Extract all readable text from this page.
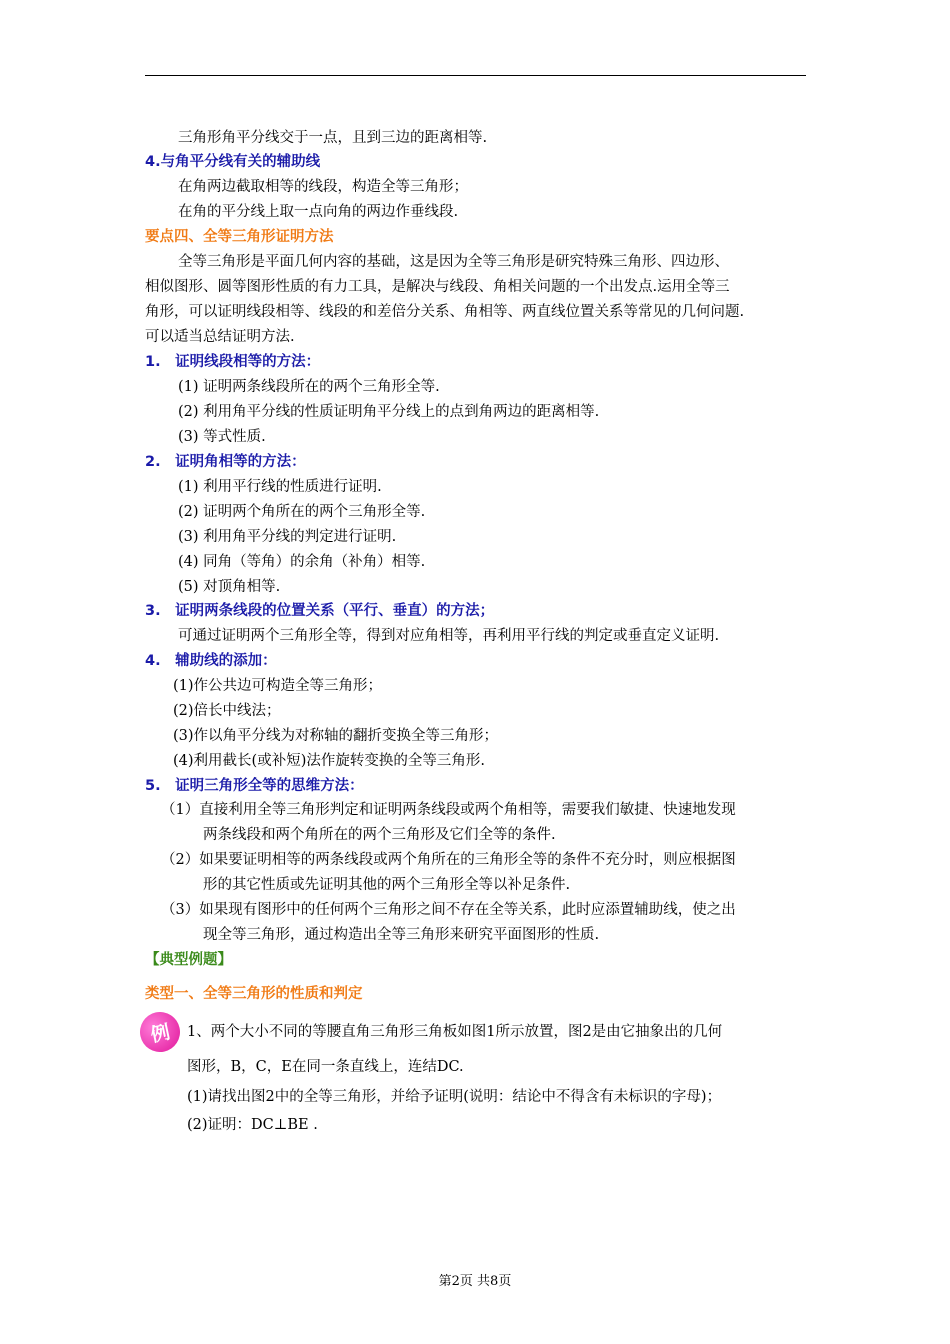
三角形角平分线交于一点，且到三边的距离相等.
4.与角平分线有关的辅助线
在角两边截取相等的线段，构造全等三角形；
在角的平分线上取一点向角的两边作垂线段.
要点四、全等三角形证明方法
全等三角形是平面几何内容的基础，这是因为全等三角形是研究特殊三角形、四边形、
相似图形、圆等图形性质的有力工具，是解决与线段、角相关问题的一个出发点.运用全等三
角形，可以证明线段相等、线段的和差倍分关系、角相等、两直线位置关系等常见的几何问题.
可以适当总结证明方法.
1.　证明线段相等的方法：
(1) 证明两条线段所在的两个三角形全等.
(2) 利用角平分线的性质证明角平分线上的点到角两边的距离相等.
(3) 等式性质.
2.　证明角相等的方法：
(1) 利用平行线的性质进行证明.
(2) 证明两个角所在的两个三角形全等.
(3) 利用角平分线的判定进行证明.
(4) 同角（等角）的余角（补角）相等.
(5) 对顶角相等.
3.　证明两条线段的位置关系（平行、垂直）的方法；
可通过证明两个三角形全等，得到对应角相等，再利用平行线的判定或垂直定义证明.
4.　辅助线的添加：
(1)作公共边可构造全等三角形；
(2)倍长中线法；
(3)作以角平分线为对称轴的翻折变换全等三角形；
(4)利用截长(或补短)法作旋转变换的全等三角形.
5.　证明三角形全等的思维方法：
（1）直接利用全等三角形判定和证明两条线段或两个角相等，需要我们敏捷、快速地发现
两条线段和两个角所在的两个三角形及它们全等的条件.
（2）如果要证明相等的两条线段或两个角所在的三角形全等的条件不充分时，则应根据图
形的其它性质或先证明其他的两个三角形全等以补足条件.
（3）如果现有图形中的任何两个三角形之间不存在全等关系，此时应添置辅助线，使之出
现全等三角形，通过构造出全等三角形来研究平面图形的性质.
【典型例题】
类型一、全等三角形的性质和判定
例 1、两个大小不同的等腰直角三角形三角板如图1所示放置，图2是由它抽象出的几何
图形，B，C，E在同一条直线上，连结DC.
(1)请找出图2中的全等三角形，并给予证明(说明：结论中不得含有未标识的字母)；
(2)证明：DC⊥BE .
第2页 共8页
